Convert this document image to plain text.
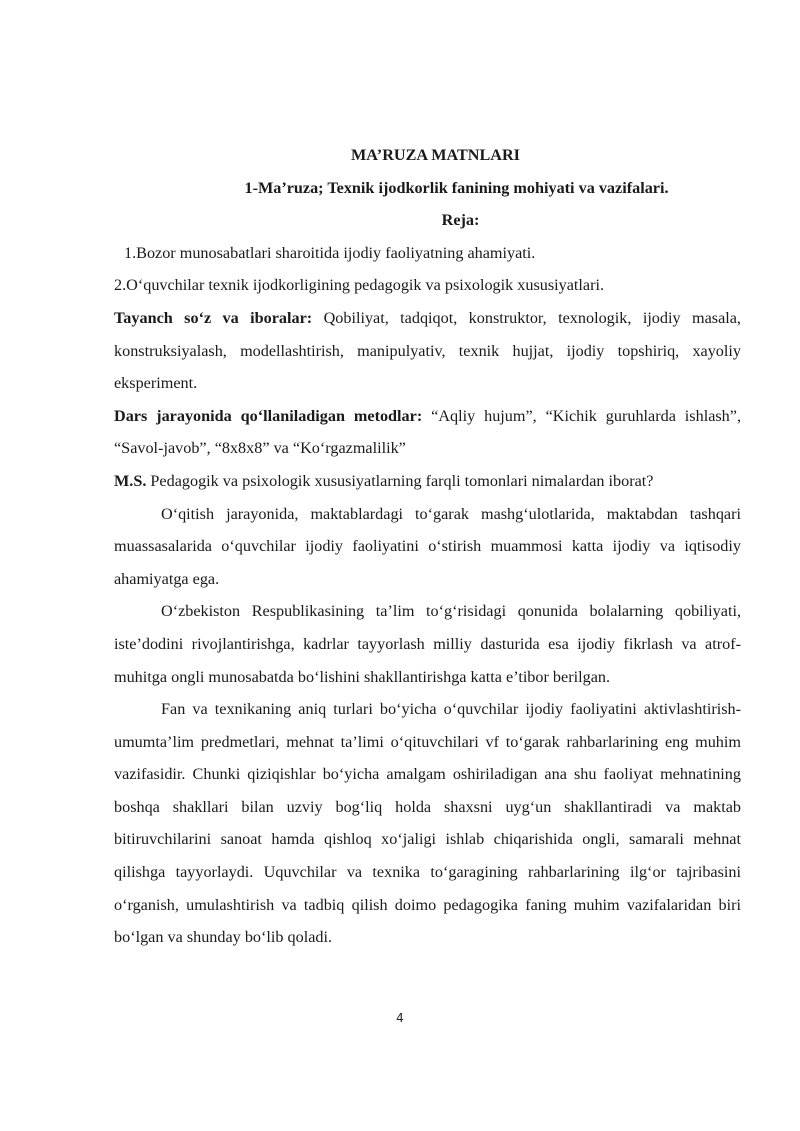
MA’RUZA MATNLARI

1-Ma’ruza; Texnik ijodkorlik fanining mohiyati va vazifalari.

Reja:

1.Bozor munosabatlari sharoitida ijodiy faoliyatning ahamiyati.

2.O‘quvchilar texnik ijodkorligining pedagogik va psixologik xususiyatlari.

Tayanch so‘z va iboralar: Qobiliyat, tadqiqot, konstruktor, texnologik, ijodiy masala, konstruksiyalash, modellashtirish, manipulyativ, texnik hujjat, ijodiy topshiriq, xayoliy eksperiment.

Dars jarayonida qo‘llaniladigan metodlar: “Aqliy hujum”, “Kichik guruhlarda ishlash”, “Savol-javob”, “8x8x8” va “Ko‘rgazmalilik”

M.S. Pedagogik va psixologik xususiyatlarning farqli tomonlari nimalardan iborat?

O‘qitish jarayonida, maktablardagi to‘garak mashg‘ulotlarida, maktabdan tashqari muassasalarida o‘quvchilar ijodiy faoliyatini o‘stirish muammosi katta ijodiy va iqtisodiy ahamiyatga ega.

O‘zbekiston Respublikasining ta’lim to‘g‘risidagi qonunida bolalarning qobiliyati, iste’dodini rivojlantirishga, kadrlar tayyorlash milliy dasturida esa ijodiy fikrlash va atrof-muhitga ongli munosabatda bo‘lishini shakllantirishga katta e’tibor berilgan.

Fan va texnikaning aniq turlari bo‘yicha o‘quvchilar ijodiy faoliyatini aktivlashtirish-umumta’lim predmetlari, mehnat ta’limi o‘qituvchilari vf to‘garak rahbarlarining eng muhim vazifasidir. Chunki qiziqishlar bo‘yicha amalgam oshiriladigan ana shu faoliyat mehnatining boshqa shakllari bilan uzviy bog‘liq holda shaxsni uyg‘un shakllantiradi va maktab bitiruvchilarini sanoat hamda qishloq xo‘jaligi ishlab chiqarishida ongli, samarali mehnat qilishga tayyorlaydi. Uquvchilar va texnika to‘garagining rahbarlarining ilg‘or tajribasini o‘rganish, umulashtirish va tadbiq qilish doimo pedagogika faning muhim vazifalaridan biri bo‘lgan va shunday bo‘lib qoladi.

4
